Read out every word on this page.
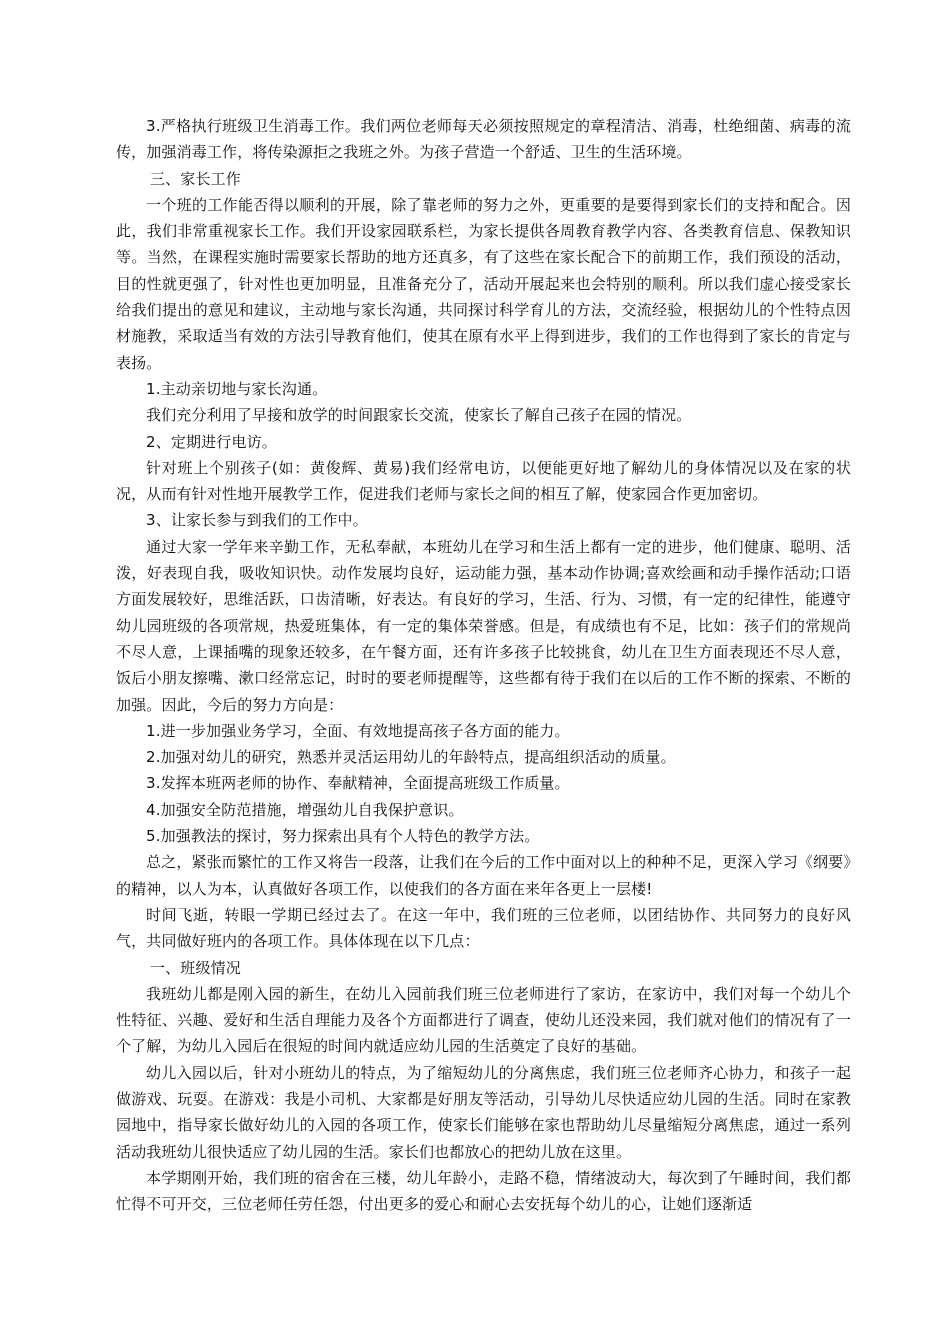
3.严格执行班级卫生消毒工作。我们两位老师每天必须按照规定的章程清洁、消毒，杜绝细菌、病毒的流传，加强消毒工作，将传染源拒之我班之外。为孩子营造一个舒适、卫生的生活环境。

三、家长工作

一个班的工作能否得以顺利的开展，除了靠老师的努力之外，更重要的是要得到家长们的支持和配合。因此，我们非常重视家长工作。我们开设家园联系栏，为家长提供各周教育教学内容、各类教育信息、保教知识等。当然，在课程实施时需要家长帮助的地方还真多，有了这些在家长配合下的前期工作，我们预设的活动，目的性就更强了，针对性也更加明显，且准备充分了，活动开展起来也会特别的顺利。所以我们虚心接受家长给我们提出的意见和建议，主动地与家长沟通，共同探讨科学育儿的方法，交流经验，根据幼儿的个性特点因材施教，采取适当有效的方法引导教育他们，使其在原有水平上得到进步，我们的工作也得到了家长的肯定与表扬。

1.主动亲切地与家长沟通。

我们充分利用了早接和放学的时间跟家长交流，使家长了解自己孩子在园的情况。

2、定期进行电访。

针对班上个别孩子(如：黄俊辉、黄易)我们经常电访，以便能更好地了解幼儿的身体情况以及在家的状况，从而有针对性地开展教学工作，促进我们老师与家长之间的相互了解，使家园合作更加密切。

3、让家长参与到我们的工作中。

通过大家一学年来辛勤工作，无私奉献，本班幼儿在学习和生活上都有一定的进步，他们健康、聪明、活泼，好表现自我，吸收知识快。动作发展均良好，运动能力强，基本动作协调;喜欢绘画和动手操作活动;口语方面发展较好，思维活跃，口齿清晰，好表达。有良好的学习，生活、行为、习惯，有一定的纪律性，能遵守幼儿园班级的各项常规，热爱班集体，有一定的集体荣誉感。但是，有成绩也有不足，比如：孩子们的常规尚不尽人意，上课插嘴的现象还较多，在午餐方面，还有许多孩子比较挑食，幼儿在卫生方面表现还不尽人意，饭后小朋友擦嘴、漱口经常忘记，时时的要老师提醒等，这些都有待于我们在以后的工作不断的探索、不断的加强。因此，今后的努力方向是：

1.进一步加强业务学习，全面、有效地提高孩子各方面的能力。

2.加强对幼儿的研究，熟悉并灵活运用幼儿的年龄特点，提高组织活动的质量。

3.发挥本班两老师的协作、奉献精神，全面提高班级工作质量。

4.加强安全防范措施，增强幼儿自我保护意识。

5.加强教法的探讨，努力探索出具有个人特色的教学方法。

总之，紧张而繁忙的工作又将告一段落，让我们在今后的工作中面对以上的种种不足，更深入学习《纲要》的精神，以人为本，认真做好各项工作，以使我们的各方面在来年各更上一层楼!

时间飞逝，转眼一学期已经过去了。在这一年中，我们班的三位老师，以团结协作、共同努力的良好风气，共同做好班内的各项工作。具体体现在以下几点：

一、班级情况

我班幼儿都是刚入园的新生，在幼儿入园前我们班三位老师进行了家访，在家访中，我们对每一个幼儿个性特征、兴趣、爱好和生活自理能力及各个方面都进行了调查，使幼儿还没来园，我们就对他们的情况有了一个了解，为幼儿入园后在很短的时间内就适应幼儿园的生活奠定了良好的基础。

幼儿入园以后，针对小班幼儿的特点，为了缩短幼儿的分离焦虑，我们班三位老师齐心协力，和孩子一起做游戏、玩耍。在游戏：我是小司机、大家都是好朋友等活动，引导幼儿尽快适应幼儿园的生活。同时在家教园地中，指导家长做好幼儿的入园的各项工作，使家长们能够在家也帮助幼儿尽量缩短分离焦虑，通过一系列活动我班幼儿很快适应了幼儿园的生活。家长们也都放心的把幼儿放在这里。

本学期刚开始，我们班的宿舍在三楼，幼儿年龄小，走路不稳，情绪波动大，每次到了午睡时间，我们都忙得不可开交，三位老师任劳任怨，付出更多的爱心和耐心去安抚每个幼儿的心，让她们逐渐适
